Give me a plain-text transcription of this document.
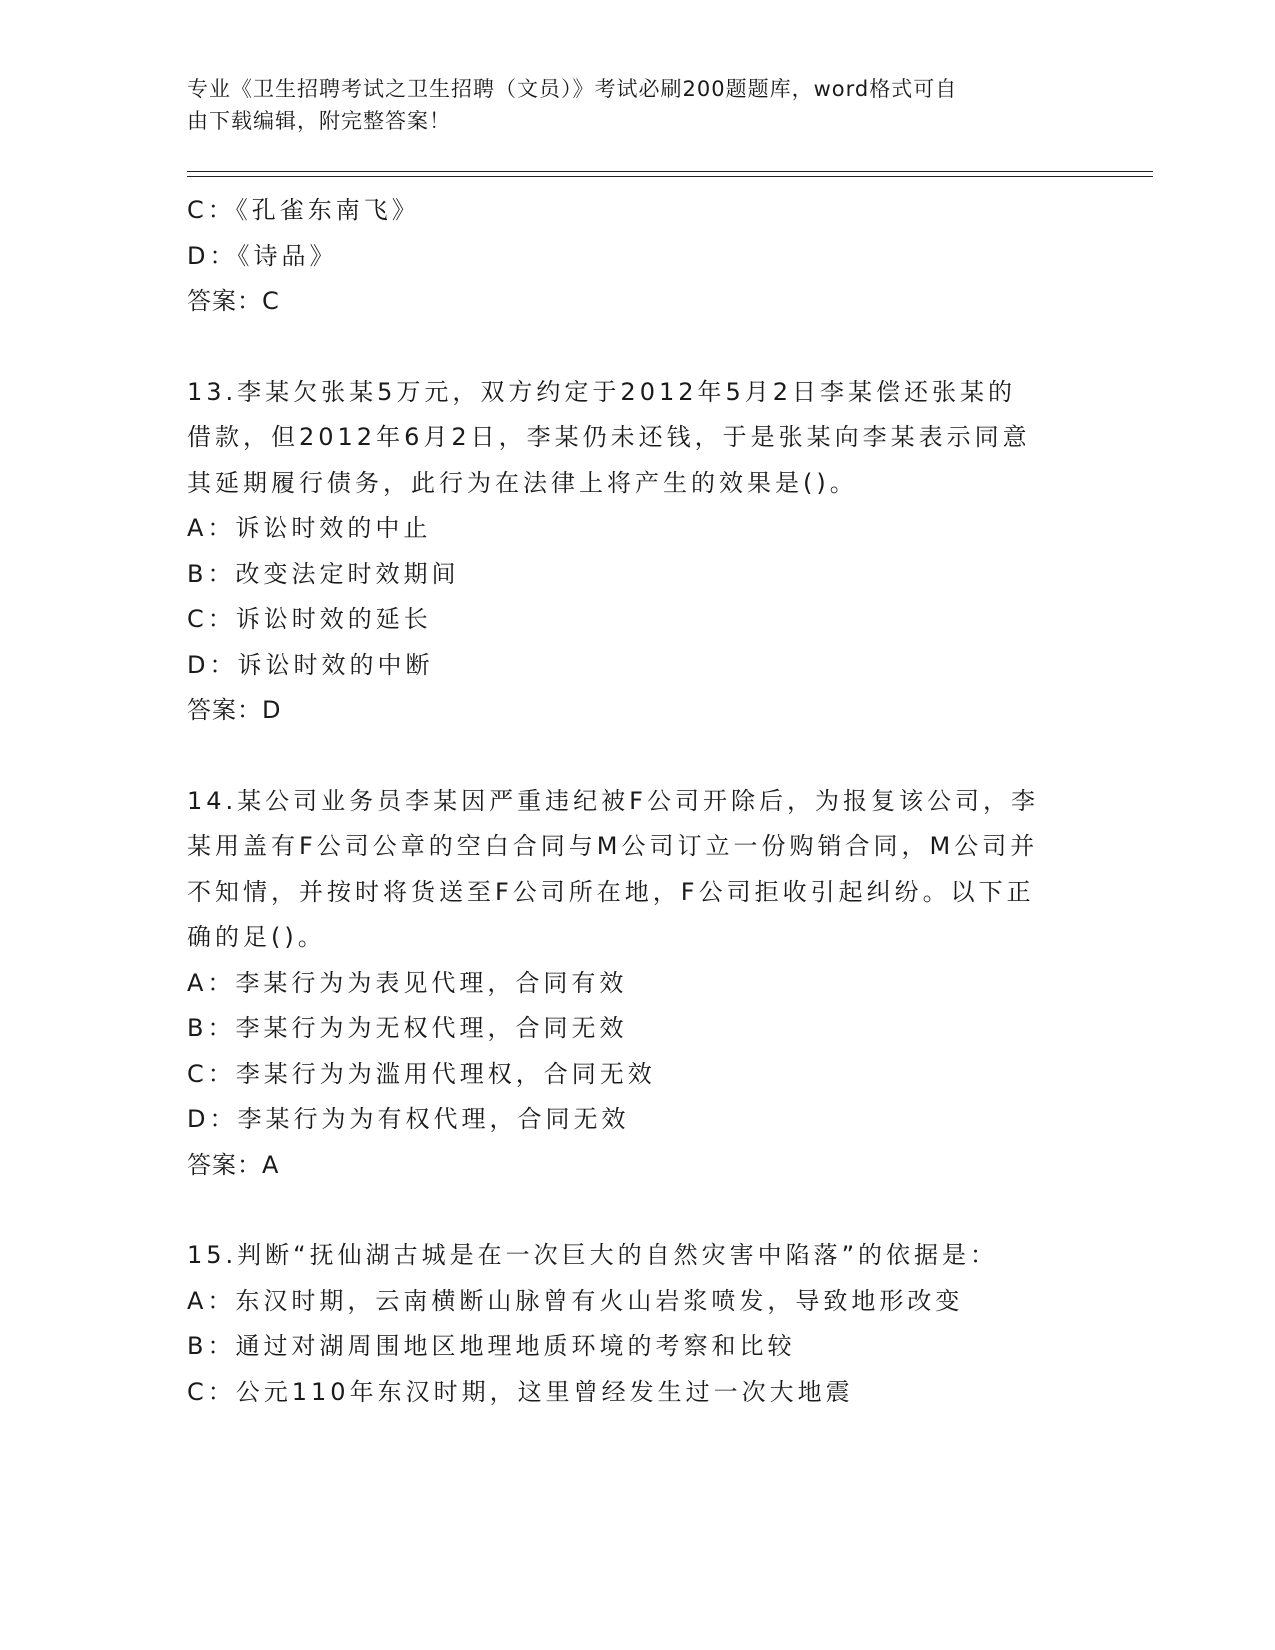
专业《卫生招聘考试之卫生招聘（文员）》考试必刷200题题库，word格式可自
由下载编辑，附完整答案！
C：《孔雀东南飞》
D：《诗品》
答案：C
13.李某欠张某5万元，双方约定于2012年5月2日李某偿还张某的
借款，但2012年6月2日，李某仍未还钱，于是张某向李某表示同意
其延期履行债务，此行为在法律上将产生的效果是()。
A：诉讼时效的中止
B：改变法定时效期间
C：诉讼时效的延长
D：诉讼时效的中断
答案：D
14.某公司业务员李某因严重违纪被F公司开除后，为报复该公司，李
某用盖有F公司公章的空白合同与M公司订立一份购销合同，M公司并
不知情，并按时将货送至F公司所在地，F公司拒收引起纠纷。以下正
确的足()。
A：李某行为为表见代理，合同有效
B：李某行为为无权代理，合同无效
C：李某行为为滥用代理权，合同无效
D：李某行为为有权代理，合同无效
答案：A
15.判断“抚仙湖古城是在一次巨大的自然灾害中陷落”的依据是：
A：东汉时期，云南横断山脉曾有火山岩浆喷发，导致地形改变
B：通过对湖周围地区地理地质环境的考察和比较
C：公元110年东汉时期，这里曾经发生过一次大地震
